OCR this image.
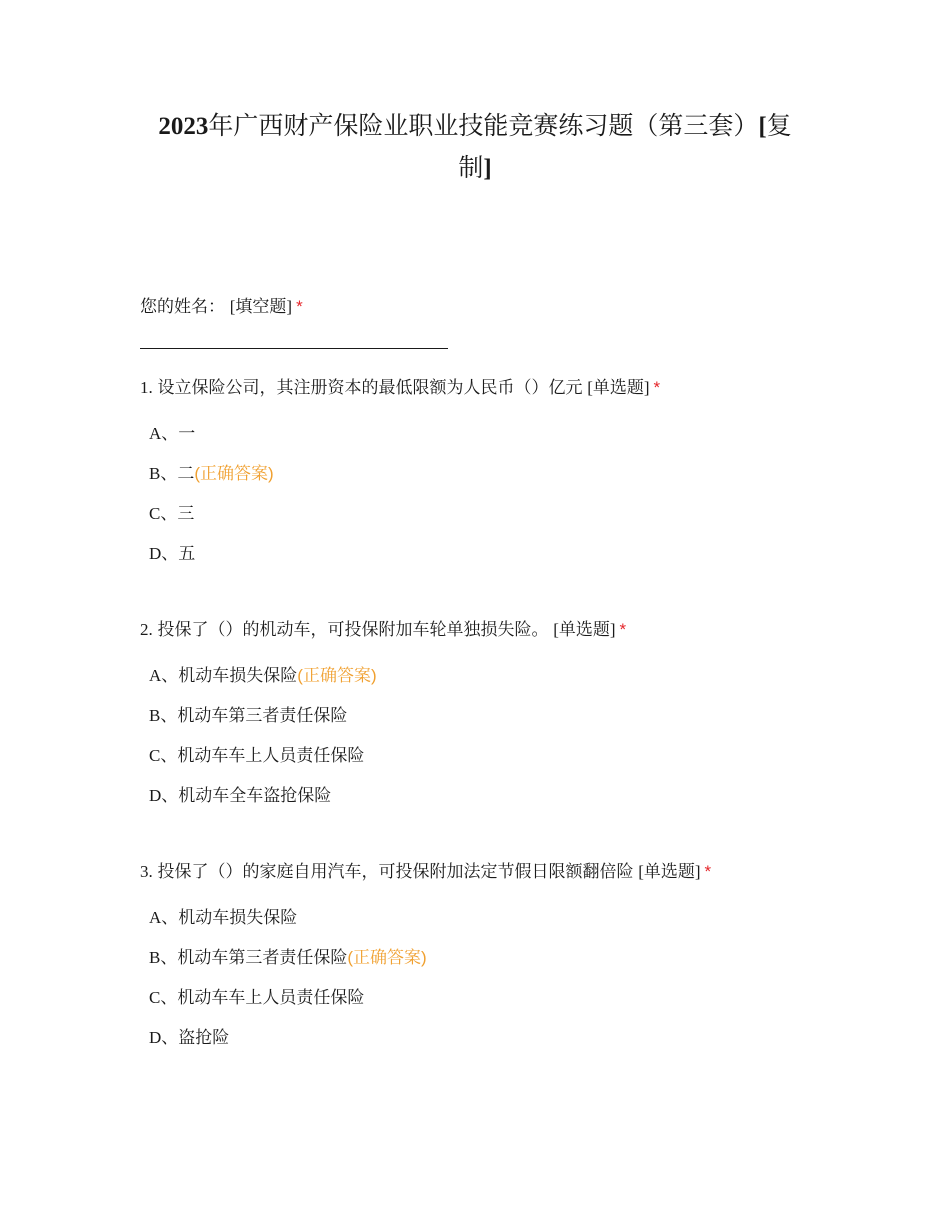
2023年广西财产保险业职业技能竞赛练习题（第三套）[复制]
您的姓名： [填空题] *
1. 设立保险公司，其注册资本的最低限额为人民币（）亿元 [单选题] *
A、一
B、二(正确答案)
C、三
D、五
2. 投保了（）的机动车，可投保附加车轮单独损失险。 [单选题] *
A、机动车损失保险(正确答案)
B、机动车第三者责任保险
C、机动车车上人员责任保险
D、机动车全车盗抢保险
3. 投保了（）的家庭自用汽车，可投保附加法定节假日限额翻倍险 [单选题] *
A、机动车损失保险
B、机动车第三者责任保险(正确答案)
C、机动车车上人员责任保险
D、盗抢险
